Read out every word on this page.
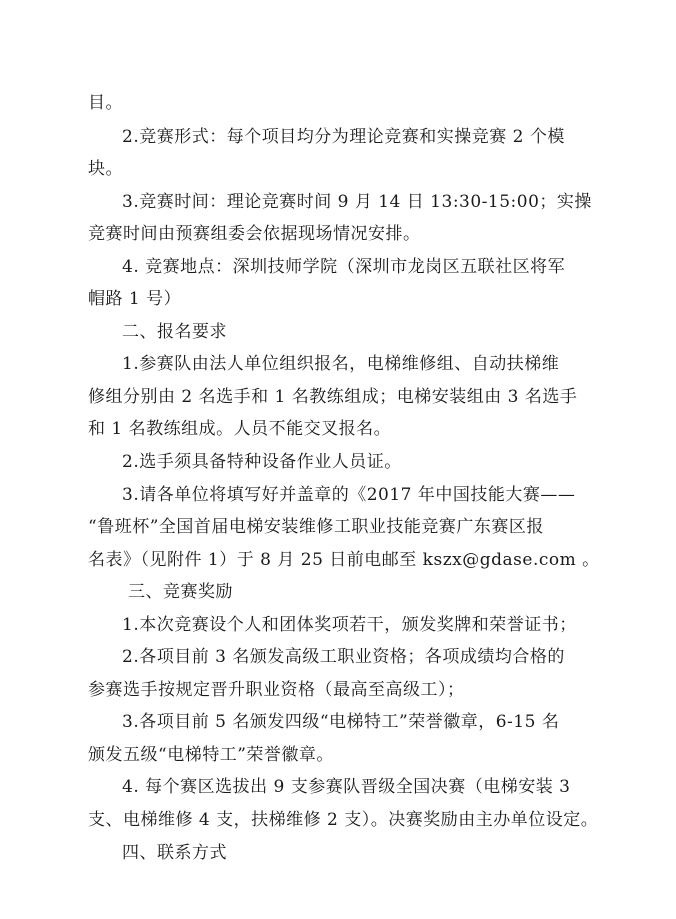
目。
2.竞赛形式：每个项目均分为理论竞赛和实操竞赛 2 个模
块。
3.竞赛时间：理论竞赛时间 9 月 14 日 13:30-15:00；实操
竞赛时间由预赛组委会依据现场情况安排。
4. 竞赛地点：深圳技师学院（深圳市龙岗区五联社区将军
帽路 1 号）
二、报名要求
1.参赛队由法人单位组织报名，电梯维修组、自动扶梯维
修组分别由 2 名选手和 1 名教练组成；电梯安装组由 3 名选手
和 1 名教练组成。人员不能交叉报名。
2.选手须具备特种设备作业人员证。
3.请各单位将填写好并盖章的《2017 年中国技能大赛——
“鲁班杯”全国首届电梯安装维修工职业技能竞赛广东赛区报
名表》（见附件 1）于 8 月 25 日前电邮至 kszx@gdase.com 。
三、竞赛奖励
1.本次竞赛设个人和团体奖项若干，颁发奖牌和荣誉证书；
2.各项目前 3 名颁发高级工职业资格；各项成绩均合格的
参赛选手按规定晋升职业资格（最高至高级工）；
3.各项目前 5 名颁发四级“电梯特工”荣誉徽章，6-15 名
颁发五级“电梯特工”荣誉徽章。
4. 每个赛区选拔出 9 支参赛队晋级全国决赛（电梯安装 3
支、电梯维修 4 支，扶梯维修 2 支）。决赛奖励由主办单位设定。
四、联系方式
